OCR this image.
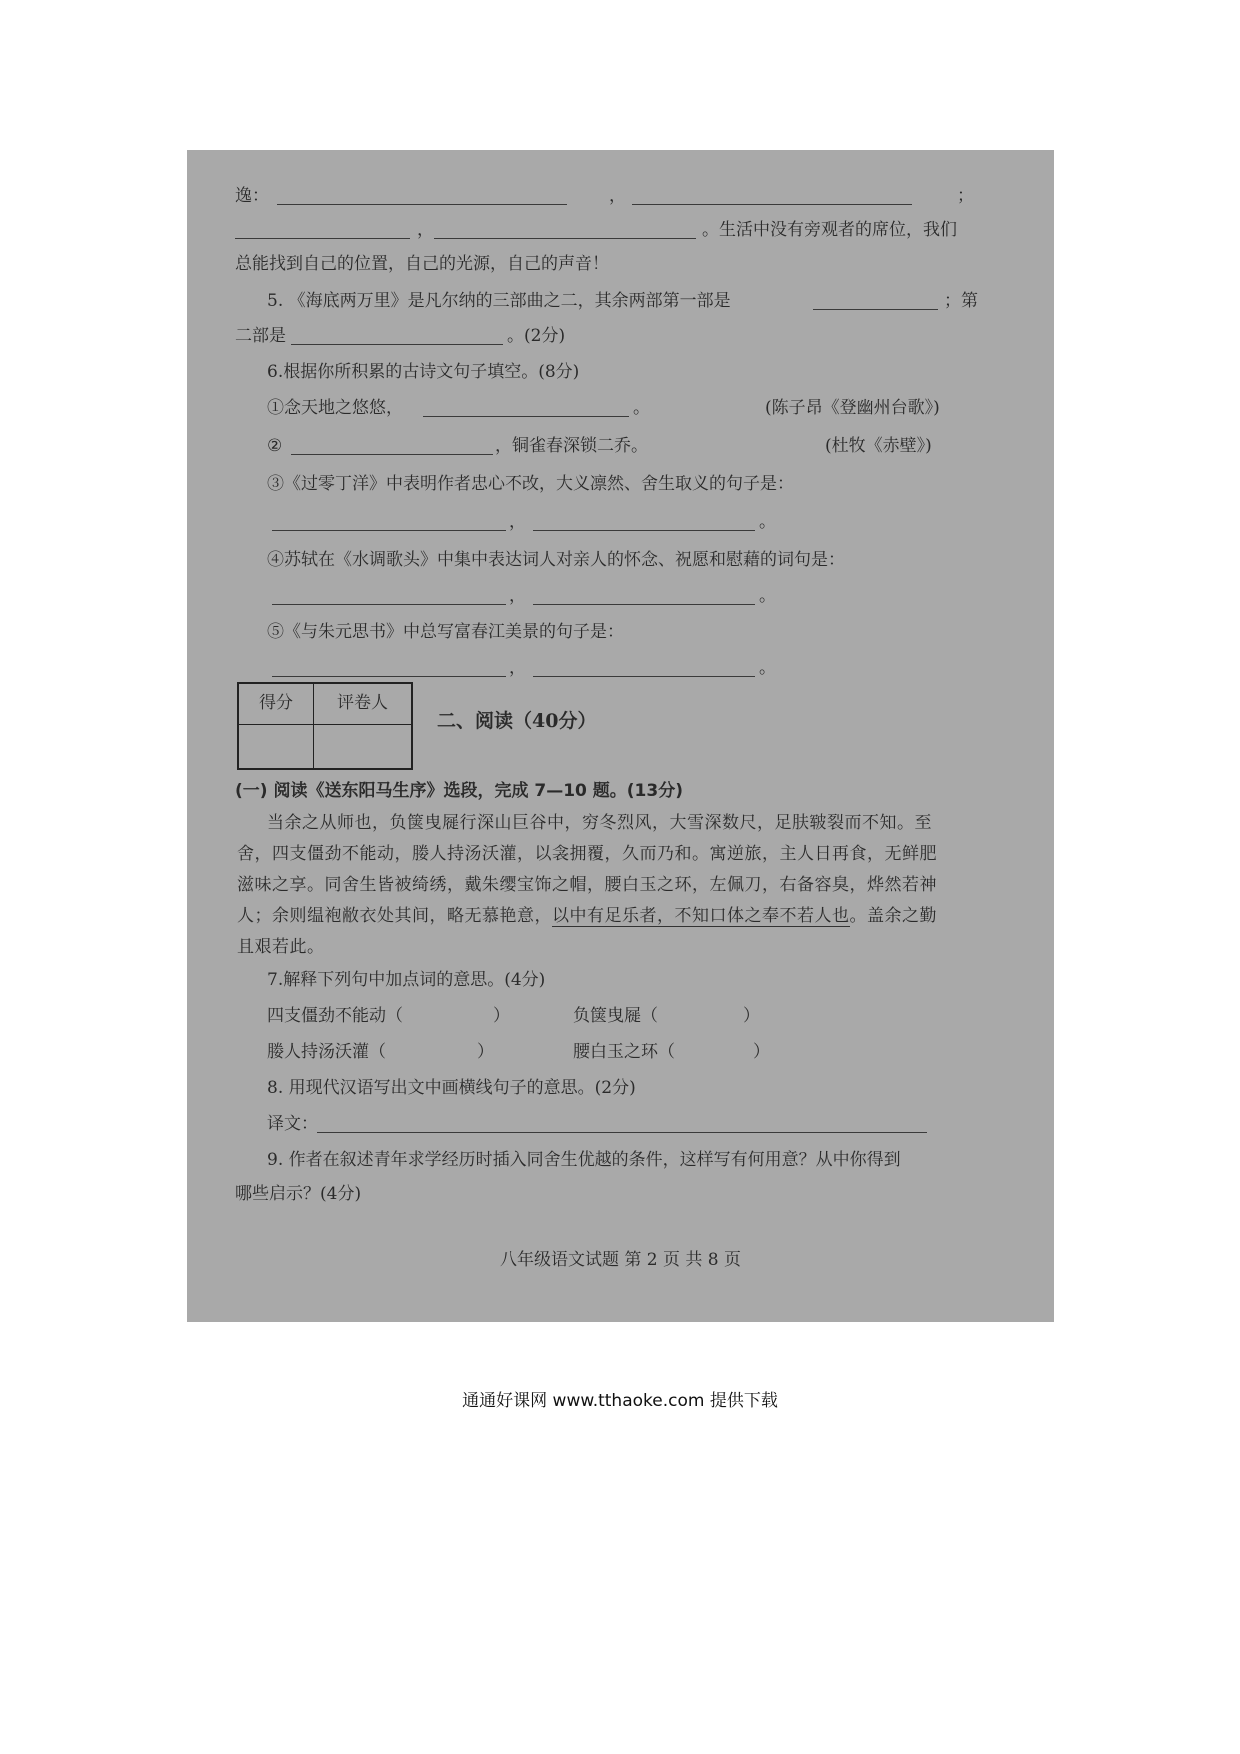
逸：	，	；
，	。生活中没有旁观者的席位，我们
总能找到自己的位置，自己的光源，自己的声音！
5. 《海底两万里》是凡尔纳的三部曲之二，其余两部第一部是	；第
二部是	。(2分)
6.根据你所积累的古诗文句子填空。(8分)
①念天地之悠悠，	。	(陈子昂《登幽州台歌》)
②	，铜雀春深锁二乔。	(杜牧《赤壁》)
③《过零丁洋》中表明作者忠心不改，大义凛然、舍生取义的句子是：
，	。
④苏轼在《水调歌头》中集中表达词人对亲人的怀念、祝愿和慰藉的词句是：
，	。
⑤《与朱元思书》中总写富春江美景的句子是：
，	。
得分	评卷人
二、阅读（40分）
(一) 阅读《送东阳马生序》选段，完成 7—10 题。(13分)
当余之从师也，负箧曳屣行深山巨谷中，穷冬烈风，大雪深数尺，足肤皲裂而不知。至
舍，四支僵劲不能动，媵人持汤沃灌，以衾拥覆，久而乃和。寓逆旅，主人日再食，无鲜肥
滋味之享。同舍生皆被绮绣，戴朱缨宝饰之帽，腰白玉之环，左佩刀，右备容臭，烨然若神
人；余则缊袍敝衣处其间，略无慕艳意，以中有足乐者，不知口体之奉不若人也。盖余之勤
且艰若此。
7.解释下列句中加点词的意思。(4分)
四支僵劲不能动（	）	负箧曳屣（	）
媵人持汤沃灌（	）	腰白玉之环（	）
8. 用现代汉语写出文中画横线句子的意思。(2分)
译文：
9. 作者在叙述青年求学经历时插入同舍生优越的条件，这样写有何用意？从中你得到
哪些启示？(4分)
八年级语文试题 第 2 页 共 8 页
通通好课网 www.tthaoke.com 提供下载
